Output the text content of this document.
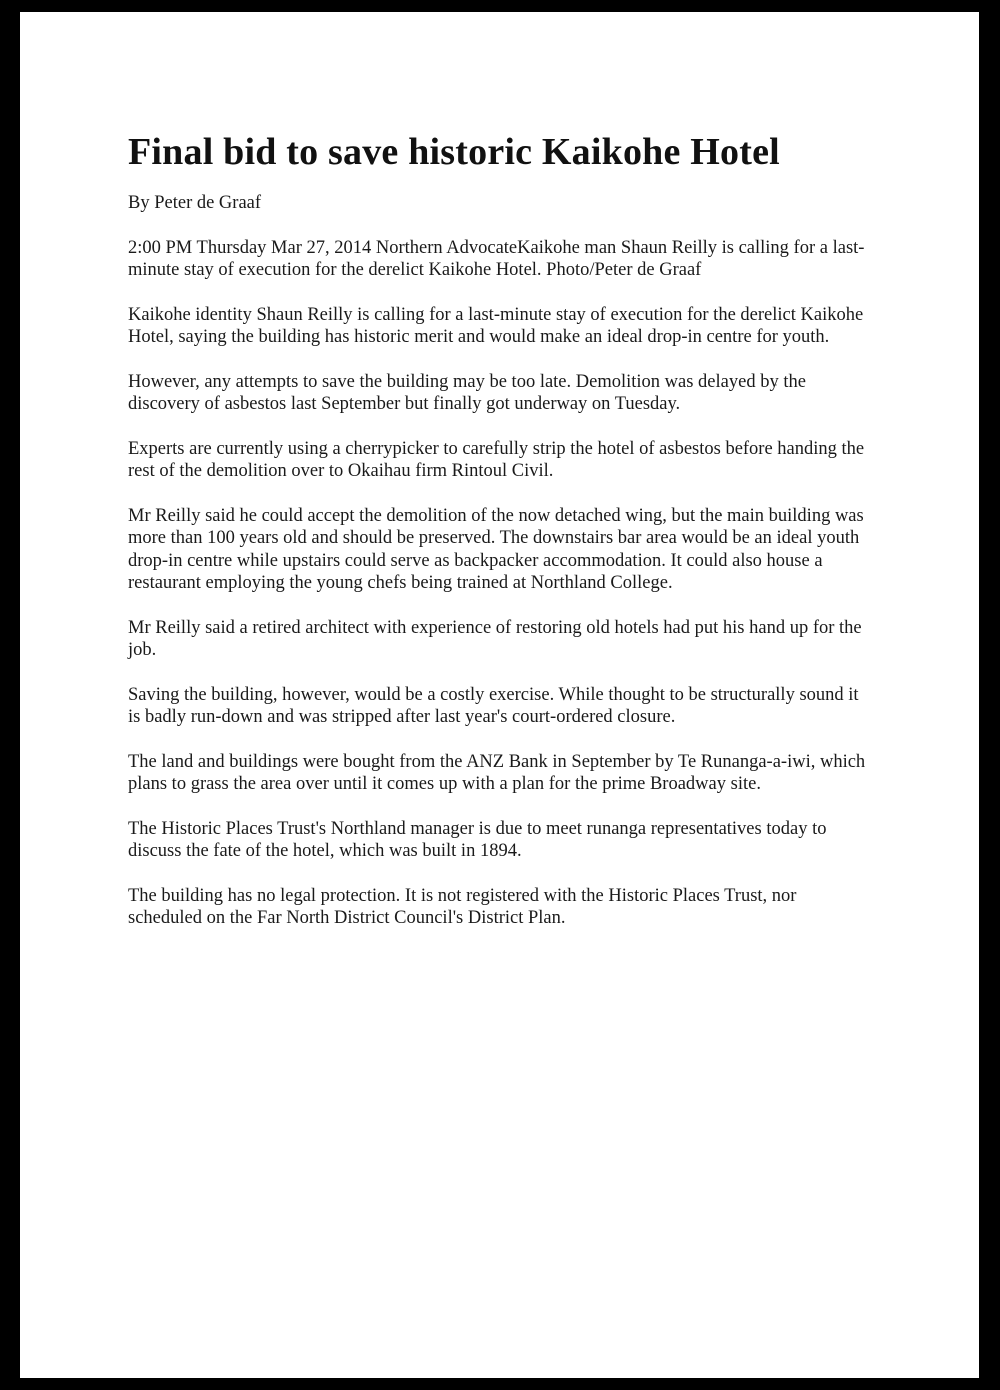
Final bid to save historic Kaikohe Hotel

By Peter de Graaf

2:00 PM Thursday Mar 27, 2014 Northern AdvocateKaikohe man Shaun Reilly is calling for a last-minute stay of execution for the derelict Kaikohe Hotel. Photo/Peter de Graaf

Kaikohe identity Shaun Reilly is calling for a last-minute stay of execution for the derelict Kaikohe Hotel, saying the building has historic merit and would make an ideal drop-in centre for youth.

However, any attempts to save the building may be too late. Demolition was delayed by the discovery of asbestos last September but finally got underway on Tuesday.

Experts are currently using a cherrypicker to carefully strip the hotel of asbestos before handing the rest of the demolition over to Okaihau firm Rintoul Civil.

Mr Reilly said he could accept the demolition of the now detached wing, but the main building was more than 100 years old and should be preserved. The downstairs bar area would be an ideal youth drop-in centre while upstairs could serve as backpacker accommodation. It could also house a restaurant employing the young chefs being trained at Northland College.

Mr Reilly said a retired architect with experience of restoring old hotels had put his hand up for the job.

Saving the building, however, would be a costly exercise. While thought to be structurally sound it is badly run-down and was stripped after last year's court-ordered closure.

The land and buildings were bought from the ANZ Bank in September by Te Runanga-a-iwi, which plans to grass the area over until it comes up with a plan for the prime Broadway site.

The Historic Places Trust's Northland manager is due to meet runanga representatives today to discuss the fate of the hotel, which was built in 1894.

The building has no legal protection. It is not registered with the Historic Places Trust, nor scheduled on the Far North District Council's District Plan.
